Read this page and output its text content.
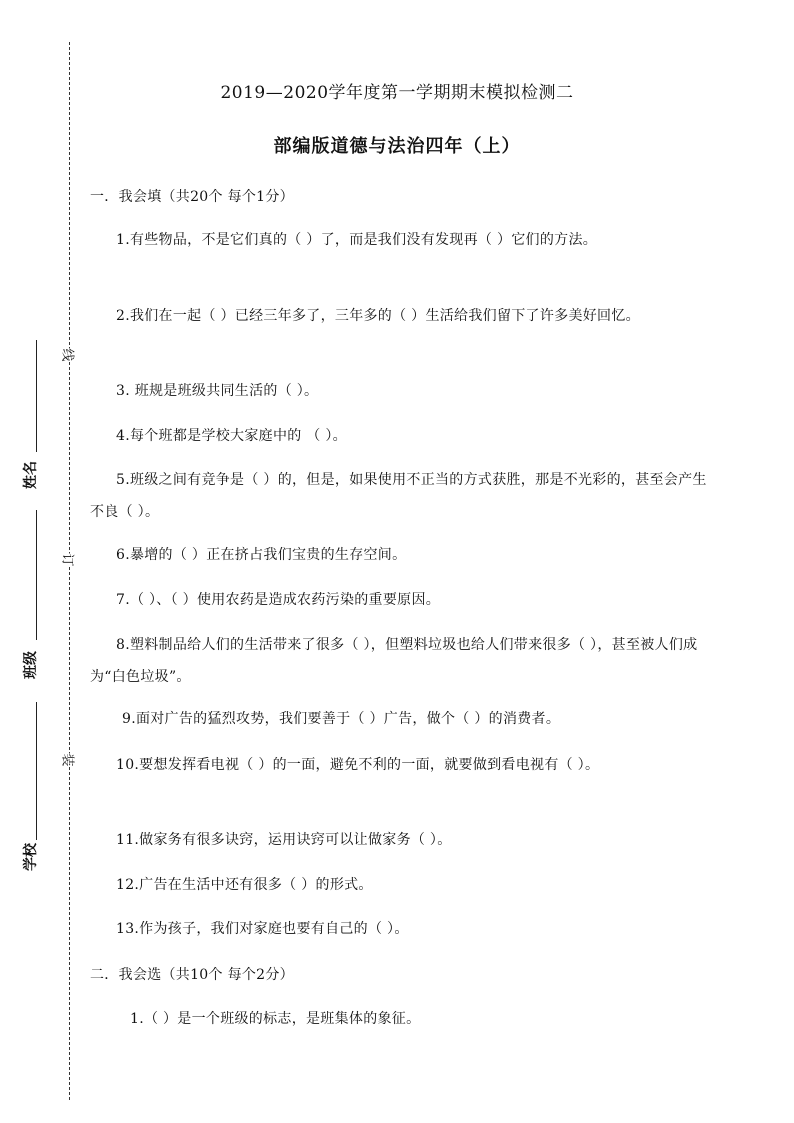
线
订
装
姓名
班级
学校
2019—2020学年度第一学期期末模拟检测二
部编版道德与法治四年（上）
一．我会填（共20个 每个1分）
1.有些物品，不是它们真的（ ）了，而是我们没有发现再（ ）它们的方法。
2.我们在一起（ ）已经三年多了，三年多的（ ）生活给我们留下了许多美好回忆。
3. 班规是班级共同生活的（ ）。
4.每个班都是学校大家庭中的 （ ）。
5.班级之间有竞争是（ ）的，但是，如果使用不正当的方式获胜，那是不光彩的，甚至会产生不良（ ）。
6.暴增的（ ）正在挤占我们宝贵的生存空间。
7.（ ）、（ ）使用农药是造成农药污染的重要原因。
8.塑料制品给人们的生活带来了很多（ ），但塑料垃圾也给人们带来很多（ ），甚至被人们成为“白色垃圾”。
9.面对广告的猛烈攻势，我们要善于（ ）广告，做个（ ）的消费者。
10.要想发挥看电视（ ）的一面，避免不利的一面，就要做到看电视有（ ）。
11.做家务有很多诀窍，运用诀窍可以让做家务（ ）。
12.广告在生活中还有很多（ ）的形式。
13.作为孩子，我们对家庭也要有自己的（ ）。
二．我会选（共10个 每个2分）
1.（ ）是一个班级的标志，是班集体的象征。
